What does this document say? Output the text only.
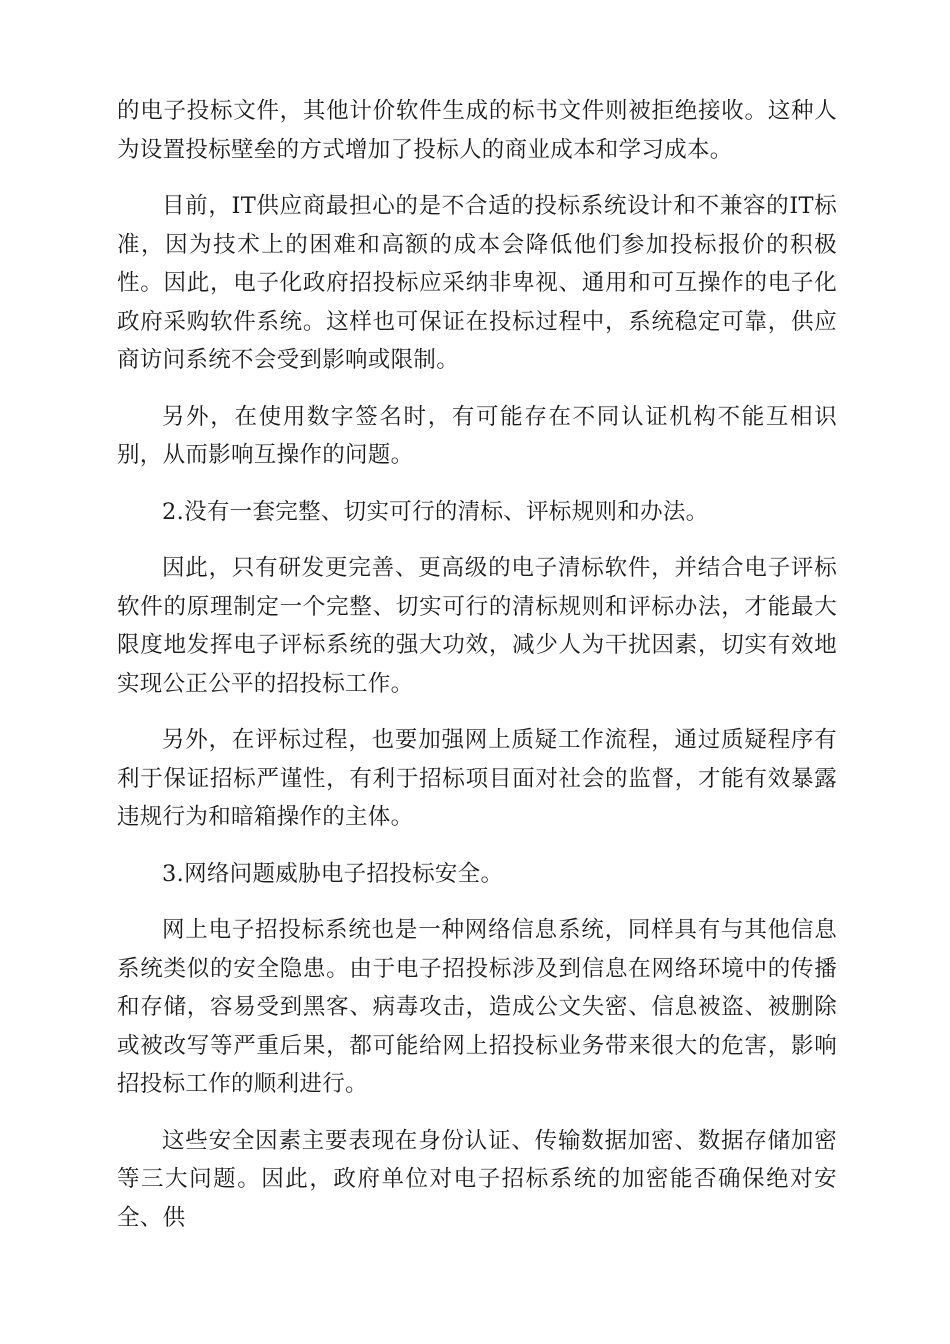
的电子投标文件，其他计价软件生成的标书文件则被拒绝接收。这种人为设置投标壁垒的方式增加了投标人的商业成本和学习成本。

目前，IT供应商最担心的是不合适的投标系统设计和不兼容的IT标准，因为技术上的困难和高额的成本会降低他们参加投标报价的积极性。因此，电子化政府招投标应采纳非卑视、通用和可互操作的电子化政府采购软件系统。这样也可保证在投标过程中，系统稳定可靠，供应商访问系统不会受到影响或限制。

另外，在使用数字签名时，有可能存在不同认证机构不能互相识别，从而影响互操作的问题。

2.没有一套完整、切实可行的清标、评标规则和办法。

因此，只有研发更完善、更高级的电子清标软件，并结合电子评标软件的原理制定一个完整、切实可行的清标规则和评标办法，才能最大限度地发挥电子评标系统的强大功效，减少人为干扰因素，切实有效地实现公正公平的招投标工作。

另外，在评标过程，也要加强网上质疑工作流程，通过质疑程序有利于保证招标严谨性，有利于招标项目面对社会的监督，才能有效暴露违规行为和暗箱操作的主体。

3.网络问题威胁电子招投标安全。

网上电子招投标系统也是一种网络信息系统，同样具有与其他信息系统类似的安全隐患。由于电子招投标涉及到信息在网络环境中的传播和存储，容易受到黑客、病毒攻击，造成公文失密、信息被盗、被删除或被改写等严重后果，都可能给网上招投标业务带来很大的危害，影响招投标工作的顺利进行。

这些安全因素主要表现在身份认证、传输数据加密、数据存储加密等三大问题。因此，政府单位对电子招标系统的加密能否确保绝对安全、供
